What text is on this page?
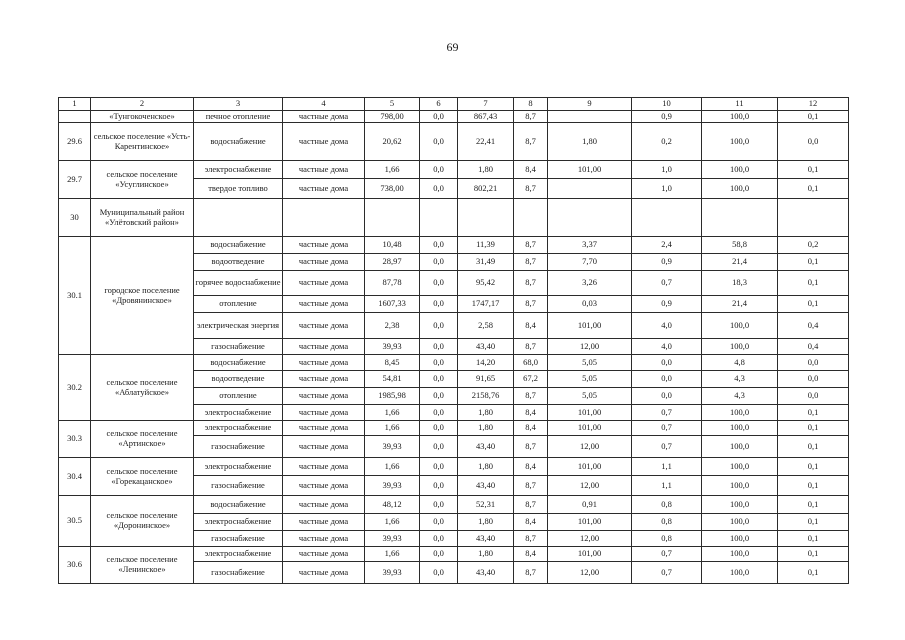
69
1	2	3	4	5	6	7	8	9	10	11	12
	«Тунгокоченское»	печное отопление	частные дома	798,00	0,0	867,43	8,7		0,9	100,0	0,1
29.6	сельское поселение «Усть-Карентинское»	водоснабжение	частные дома	20,62	0,0	22,41	8,7	1,80	0,2	100,0	0,0
29.7	сельское поселение «Усуглинское»	электроснабжение	частные дома	1,66	0,0	1,80	8,4	101,00	1,0	100,0	0,1
		твердое топливо	частные дома	738,00	0,0	802,21	8,7		1,0	100,0	0,1
30	Муниципальный район «Улётовский район»										
30.1	городское поселение «Дровянинское»	водоснабжение	частные дома	10,48	0,0	11,39	8,7	3,37	2,4	58,8	0,2
		водоотведение	частные дома	28,97	0,0	31,49	8,7	7,70	0,9	21,4	0,1
		горячее водоснабжение	частные дома	87,78	0,0	95,42	8,7	3,26	0,7	18,3	0,1
		отопление	частные дома	1607,33	0,0	1747,17	8,7	0,03	0,9	21,4	0,1
		электрическая энергия	частные дома	2,38	0,0	2,58	8,4	101,00	4,0	100,0	0,4
		газоснабжение	частные дома	39,93	0,0	43,40	8,7	12,00	4,0	100,0	0,4
30.2	сельское поселение «Аблатуйское»	водоснабжение	частные дома	8,45	0,0	14,20	68,0	5,05	0,0	4,8	0,0
		водоотведение	частные дома	54,81	0,0	91,65	67,2	5,05	0,0	4,3	0,0
		отопление	частные дома	1985,98	0,0	2158,76	8,7	5,05	0,0	4,3	0,0
		электроснабжение	частные дома	1,66	0,0	1,80	8,4	101,00	0,7	100,0	0,1
30.3	сельское поселение «Артинское»	электроснабжение	частные дома	1,66	0,0	1,80	8,4	101,00	0,7	100,0	0,1
		газоснабжение	частные дома	39,93	0,0	43,40	8,7	12,00	0,7	100,0	0,1
30.4	сельское поселение «Горекацанское»	электроснабжение	частные дома	1,66	0,0	1,80	8,4	101,00	1,1	100,0	0,1
		газоснабжение	частные дома	39,93	0,0	43,40	8,7	12,00	1,1	100,0	0,1
30.5	сельское поселение «Доронинское»	водоснабжение	частные дома	48,12	0,0	52,31	8,7	0,91	0,8	100,0	0,1
		электроснабжение	частные дома	1,66	0,0	1,80	8,4	101,00	0,8	100,0	0,1
		газоснабжение	частные дома	39,93	0,0	43,40	8,7	12,00	0,8	100,0	0,1
30.6	сельское поселение «Ленинское»	электроснабжение	частные дома	1,66	0,0	1,80	8,4	101,00	0,7	100,0	0,1
		газоснабжение	частные дома	39,93	0,0	43,40	8,7	12,00	0,7	100,0	0,1
